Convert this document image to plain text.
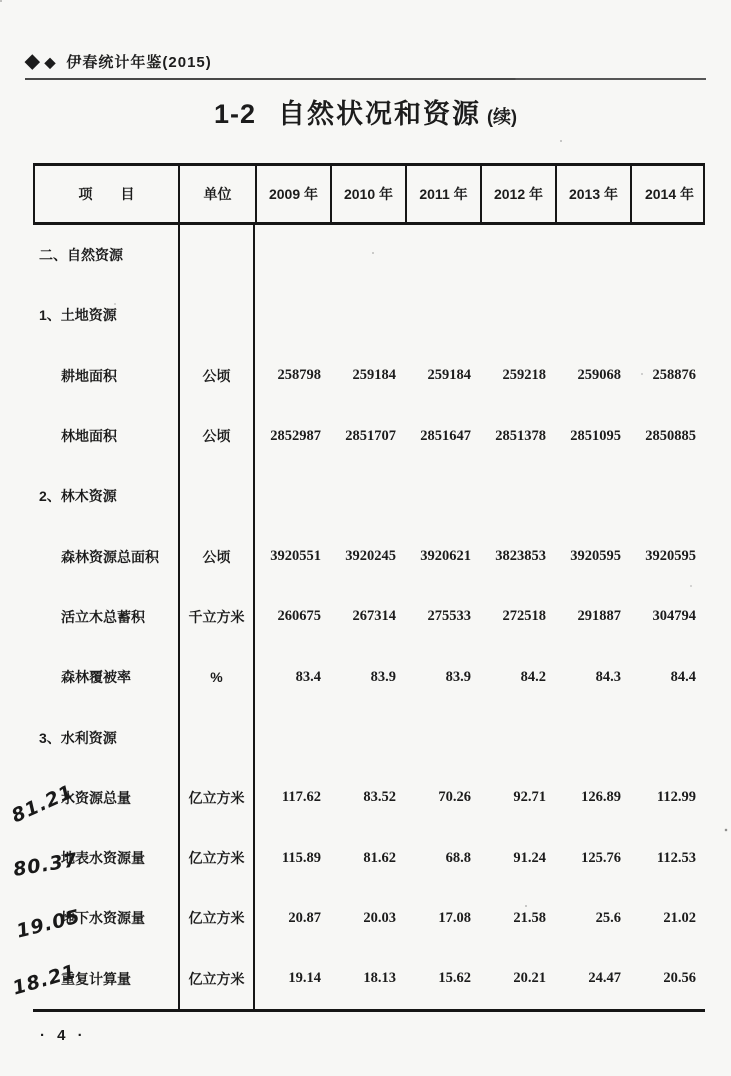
◆ ◆ 伊春统计年鉴(2015)
1-2 自然状况和资源 (续)
项　　目	单位	2009 年	2010 年	2011 年	2012 年	2013 年	2014 年
二、自然资源
1、土地资源
耕地面积	公顷	258798	259184	259184	259218	259068	258876
林地面积	公顷	2852987	2851707	2851647	2851378	2851095	2850885
2、林木资源
森林资源总面积	公顷	3920551	3920245	3920621	3823853	3920595	3920595
活立木总蓄积	千立方米	260675	267314	275533	272518	291887	304794
森林覆被率	%	83.4	83.9	83.9	84.2	84.3	84.4
3、水利资源
水资源总量	亿立方米	117.62	83.52	70.26	92.71	126.89	112.99
地表水资源量	亿立方米	115.89	81.62	68.8	91.24	125.76	112.53
地下水资源量	亿立方米	20.87	20.03	17.08	21.58	25.6	21.02
重复计算量	亿立方米	19.14	18.13	15.62	20.21	24.47	20.56
81.21
80.37
19.05
18.21
· 4 ·
